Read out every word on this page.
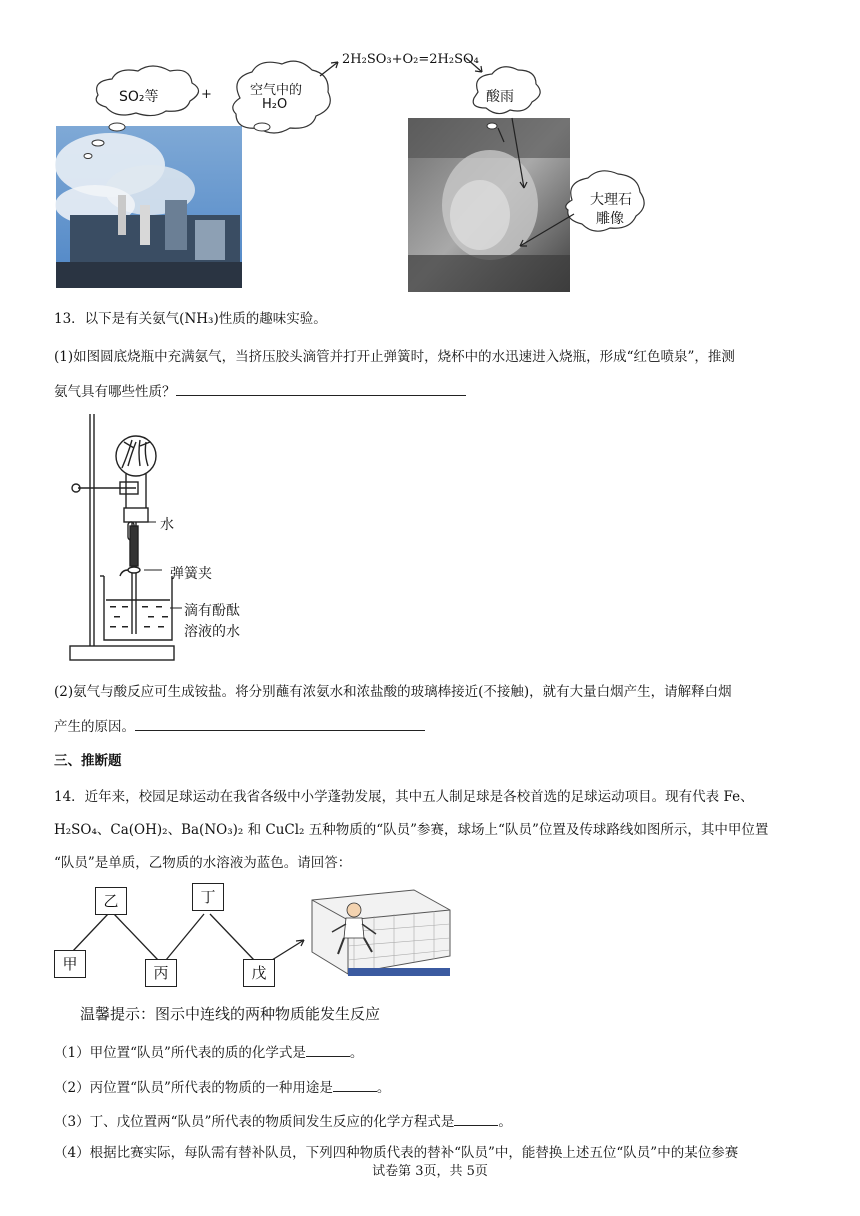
SO₂等	+	空气中的
H₂O
2H₂SO₃+O₂=2H₂SO₄
酸雨
大理石
雕像
13．以下是有关氨气(NH₃)性质的趣味实验。
(1)如图圆底烧瓶中充满氨气，当挤压胶头滴管并打开止弹簧时，烧杯中的水迅速进入烧瓶，形成“红色喷泉”，推测
氨气具有哪些性质？
水
弹簧夹
滴有酚酞
溶液的水
(2)氨气与酸反应可生成铵盐。将分别蘸有浓氨水和浓盐酸的玻璃棒接近(不接触)，就有大量白烟产生，请解释白烟
产生的原因。
三、推断题
14．近年来，校园足球运动在我省各级中小学蓬勃发展，其中五人制足球是各校首选的足球运动项目。现有代表 Fe、
H₂SO₄、Ca(OH)₂、Ba(NO₃)₂ 和 CuCl₂ 五种物质的“队员”参赛，球场上“队员”位置及传球路线如图所示，其中甲位置
“队员”是单质，乙物质的水溶液为蓝色。请回答：
乙	丁
甲	丙	戊
温馨提示：图示中连线的两种物质能发生反应
（1）甲位置“队员”所代表的质的化学式是	。
（2）丙位置“队员”所代表的物质的一种用途是	。
（3）丁、戊位置两“队员”所代表的物质间发生反应的化学方程式是	。
（4）根据比赛实际，每队需有替补队员，下列四种物质代表的替补“队员”中，能替换上述五位“队员”中的某位参赛
试卷第 3页，共 5页
